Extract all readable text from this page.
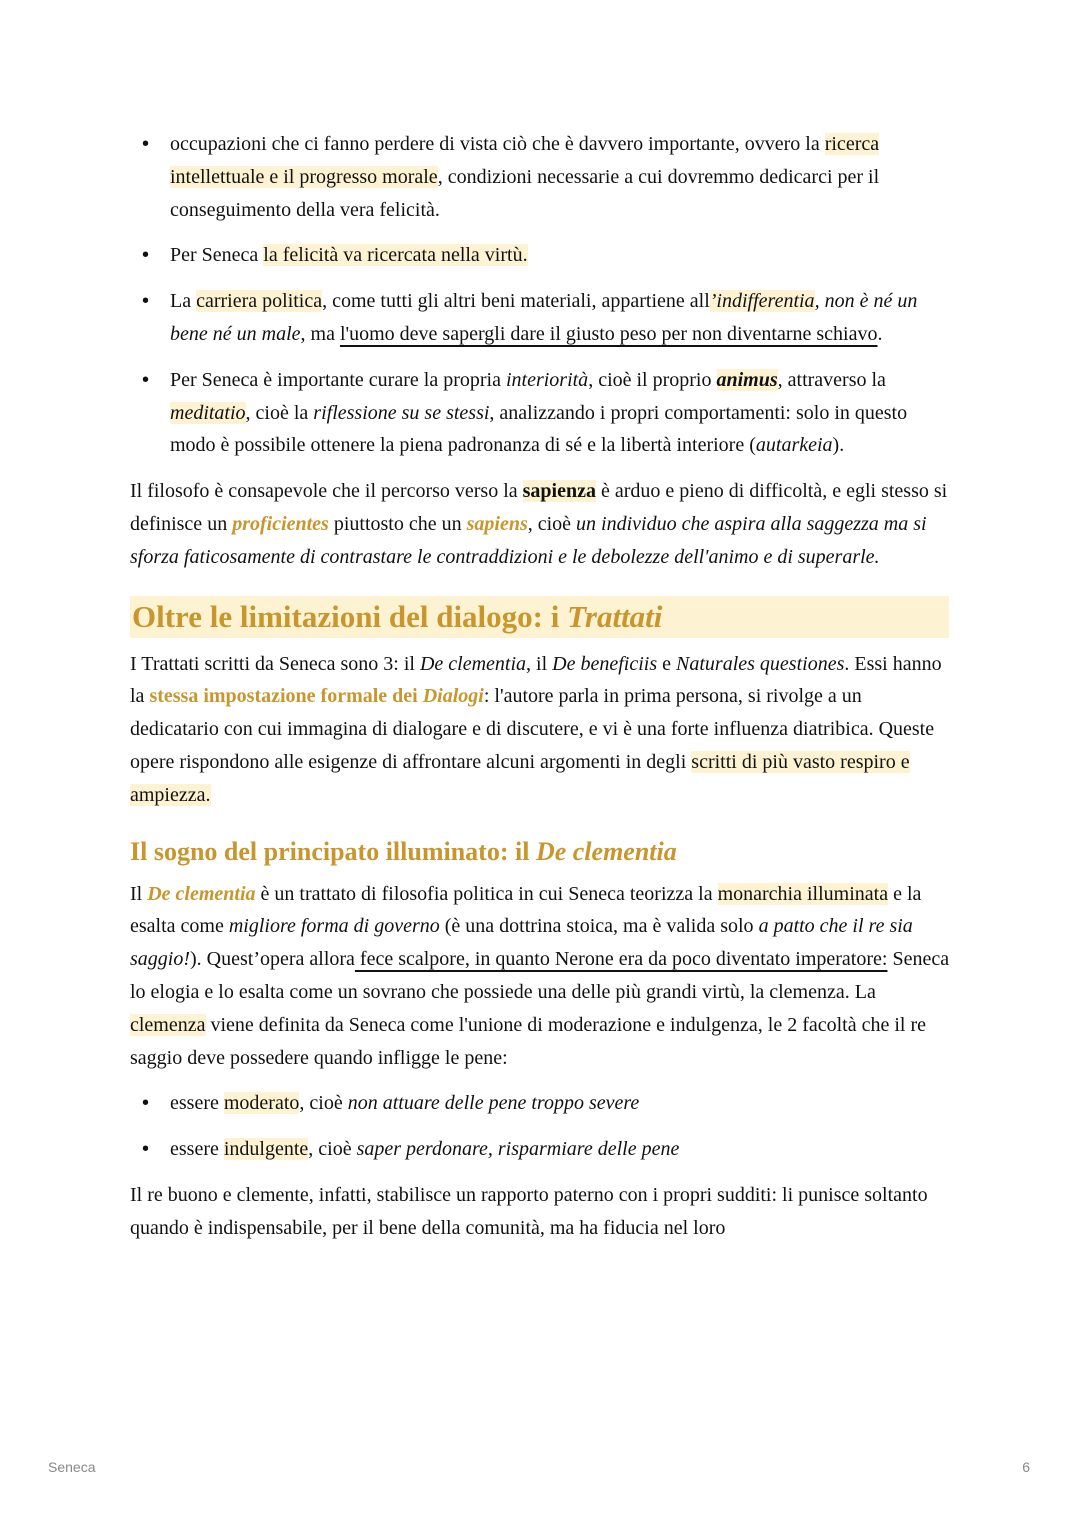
• occupazioni che ci fanno perdere di vista ciò che è davvero importante, ovvero la ricerca intellettuale e il progresso morale, condizioni necessarie a cui dovremmo dedicarci per il conseguimento della vera felicità.
• Per Seneca la felicità va ricercata nella virtù.
• La carriera politica, come tutti gli altri beni materiali, appartiene all’indifferentia, non è né un bene né un male, ma l'uomo deve sapergli dare il giusto peso per non diventarne schiavo.
• Per Seneca è importante curare la propria interiorità, cioè il proprio animus, attraverso la meditatio, cioè la riflessione su se stessi, analizzando i propri comportamenti: solo in questo modo è possibile ottenere la piena padronanza di sé e la libertà interiore (autarkeia).

Il filosofo è consapevole che il percorso verso la sapienza è arduo e pieno di difficoltà, e egli stesso si definisce un proficientes piuttosto che un sapiens, cioè un individuo che aspira alla saggezza ma si sforza faticosamente di contrastare le contraddizioni e le debolezze dell'animo e di superarle.

Oltre le limitazioni del dialogo: i Trattati

I Trattati scritti da Seneca sono 3: il De clementia, il De beneficiis e Naturales questiones. Essi hanno la stessa impostazione formale dei Dialogi: l'autore parla in prima persona, si rivolge a un dedicatario con cui immagina di dialogare e di discutere, e vi è una forte influenza diatribica. Queste opere rispondono alle esigenze di affrontare alcuni argomenti in degli scritti di più vasto respiro e ampiezza.

Il sogno del principato illuminato: il De clementia

Il De clementia è un trattato di filosofia politica in cui Seneca teorizza la monarchia illuminata e la esalta come migliore forma di governo (è una dottrina stoica, ma è valida solo a patto che il re sia saggio!). Quest’opera allora fece scalpore, in quanto Nerone era da poco diventato imperatore: Seneca lo elogia e lo esalta come un sovrano che possiede una delle più grandi virtù, la clemenza. La clemenza viene definita da Seneca come l'unione di moderazione e indulgenza, le 2 facoltà che il re saggio deve possedere quando infligge le pene:

• essere moderato, cioè non attuare delle pene troppo severe
• essere indulgente, cioè saper perdonare, risparmiare delle pene

Il re buono e clemente, infatti, stabilisce un rapporto paterno con i propri sudditi: li punisce soltanto quando è indispensabile, per il bene della comunità, ma ha fiducia nel loro

Seneca	6
